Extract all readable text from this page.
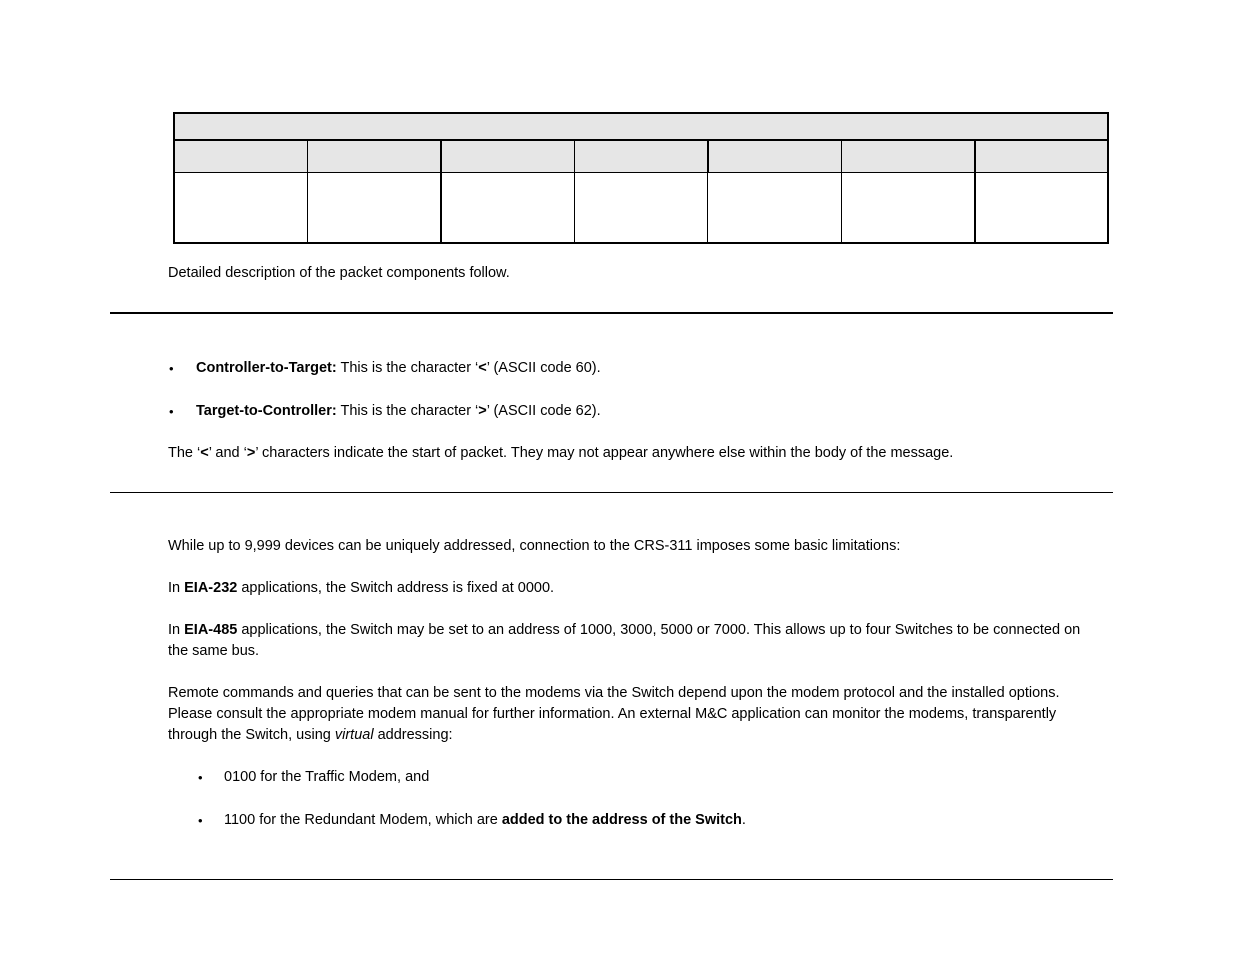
Detailed description of the packet components follow.
• Controller-to-Target: This is the character ‘<’ (ASCII code 60).
• Target-to-Controller: This is the character ‘>’ (ASCII code 62).
The ‘<’ and ‘>’ characters indicate the start of packet. They may not appear anywhere else within the body of the message.
While up to 9,999 devices can be uniquely addressed, connection to the CRS-311 imposes some basic limitations:
In EIA-232 applications, the Switch address is fixed at 0000.
In EIA-485 applications, the Switch may be set to an address of 1000, 3000, 5000 or 7000. This allows up to four Switches to be connected on the same bus.
Remote commands and queries that can be sent to the modems via the Switch depend upon the modem protocol and the installed options. Please consult the appropriate modem manual for further information. An external M&C application can monitor the modems, transparently through the Switch, using virtual addressing:
• 0100 for the Traffic Modem, and
• 1100 for the Redundant Modem, which are added to the address of the Switch.
